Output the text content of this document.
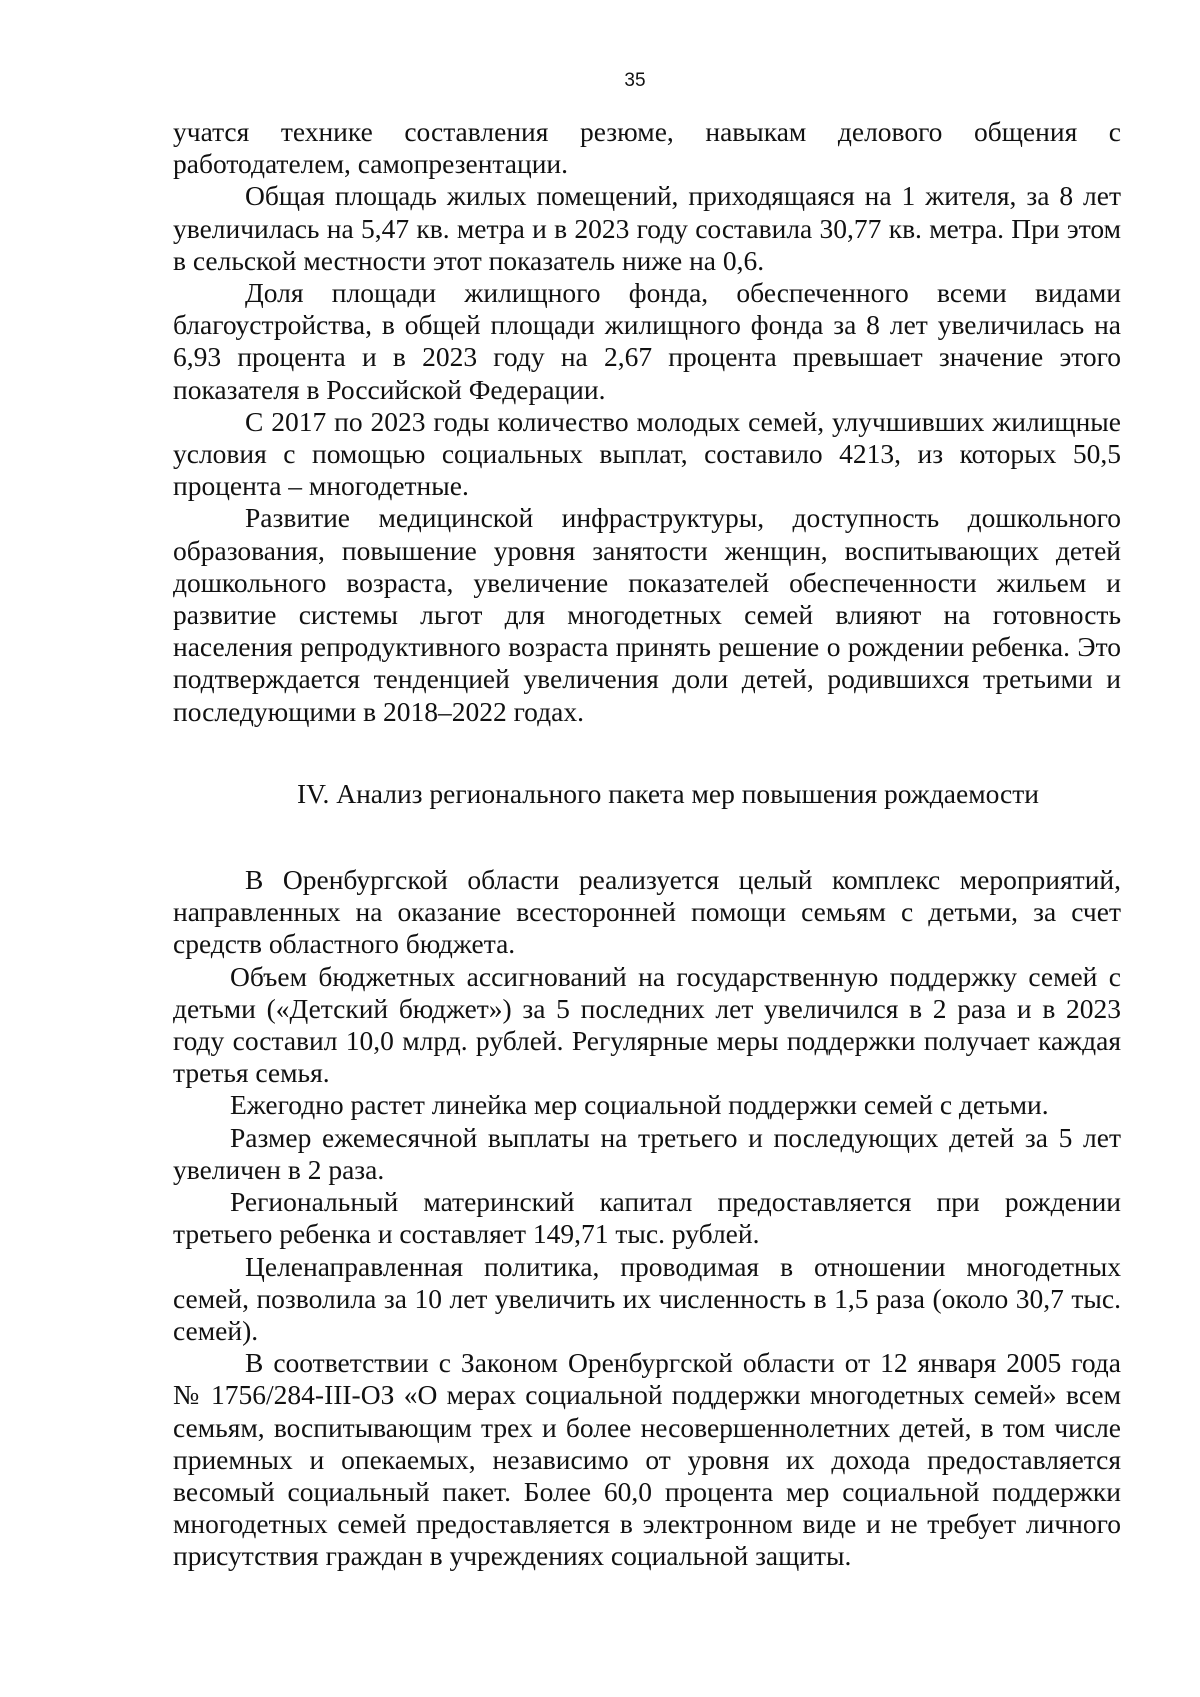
35

учатся технике составления резюме, навыкам делового общения с работодателем, самопрезентации.

Общая площадь жилых помещений, приходящаяся на 1 жителя, за 8 лет увеличилась на 5,47 кв. метра и в 2023 году составила 30,77 кв. метра. При этом в сельской местности этот показатель ниже на 0,6.

Доля площади жилищного фонда, обеспеченного всеми видами благоустройства, в общей площади жилищного фонда за 8 лет увеличилась на 6,93 процента и в 2023 году на 2,67 процента превышает значение этого показателя в Российской Федерации.

С 2017 по 2023 годы количество молодых семей, улучшивших жилищные условия с помощью социальных выплат, составило 4213, из которых 50,5 процента – многодетные.

Развитие медицинской инфраструктуры, доступность дошкольного образования, повышение уровня занятости женщин, воспитывающих детей дошкольного возраста, увеличение показателей обеспеченности жильем и развитие системы льгот для многодетных семей влияют на готовность населения репродуктивного возраста принять решение о рождении ребенка. Это подтверждается тенденцией увеличения доли детей, родившихся третьими и последующими в 2018–2022 годах.

IV. Анализ регионального пакета мер повышения рождаемости

В Оренбургской области реализуется целый комплекс мероприятий, направленных на оказание всесторонней помощи семьям с детьми, за счет средств областного бюджета.

Объем бюджетных ассигнований на государственную поддержку семей с детьми («Детский бюджет») за 5 последних лет увеличился в 2 раза и в 2023 году составил 10,0 млрд. рублей. Регулярные меры поддержки получает каждая третья семья.

Ежегодно растет линейка мер социальной поддержки семей с детьми.

Размер ежемесячной выплаты на третьего и последующих детей за 5 лет увеличен в 2 раза.

Региональный материнский капитал предоставляется при рождении третьего ребенка и составляет 149,71 тыс. рублей.

Целенаправленная политика, проводимая в отношении многодетных семей, позволила за 10 лет увеличить их численность в 1,5 раза (около 30,7 тыс. семей).

В соответствии с Законом Оренбургской области от 12 января 2005 года № 1756/284-III-ОЗ «О мерах социальной поддержки многодетных семей» всем семьям, воспитывающим трех и более несовершеннолетних детей, в том числе приемных и опекаемых, независимо от уровня их дохода предоставляется весомый социальный пакет. Более 60,0 процента мер социальной поддержки многодетных семей предоставляется в электронном виде и не требует личного присутствия граждан в учреждениях социальной защиты.
